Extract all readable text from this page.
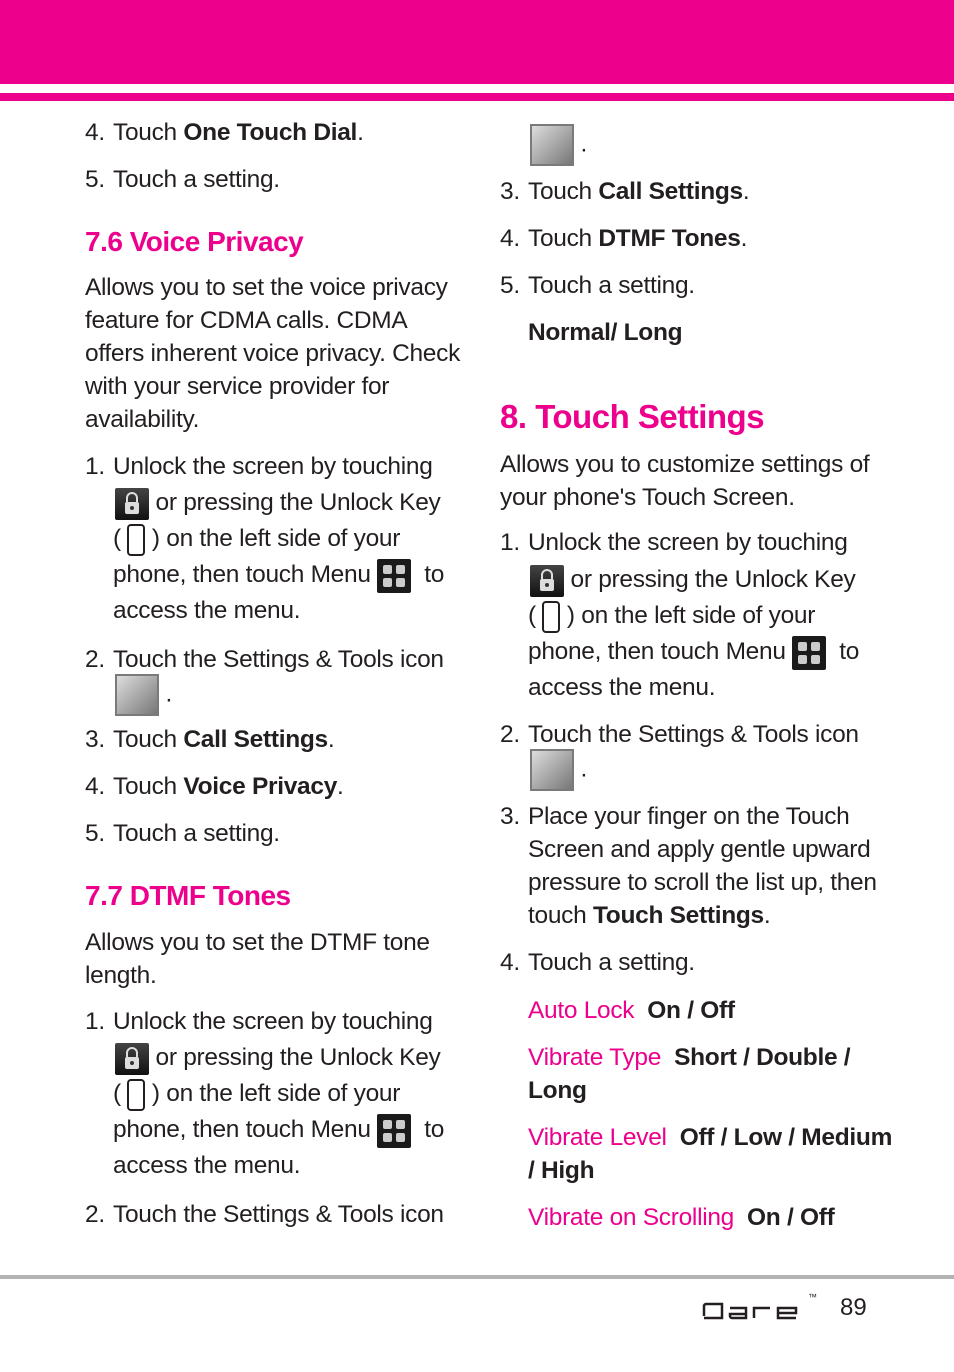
4. Touch One Touch Dial.
5. Touch a setting.
7.6 Voice Privacy
Allows you to set the voice privacy
feature for CDMA calls. CDMA
offers inherent voice privacy. Check
with your service provider for
availability.
1. Unlock the screen by touching
or pressing the Unlock Key
( ) on the left side of your
phone, then touch Menu to
access the menu.
2. Touch the Settings & Tools icon
.
3. Touch Call Settings.
4. Touch Voice Privacy.
5. Touch a setting.
7.7 DTMF Tones
Allows you to set the DTMF tone
length.
1. Unlock the screen by touching
or pressing the Unlock Key
( ) on the left side of your
phone, then touch Menu to
access the menu.
2. Touch the Settings & Tools icon
.
3. Touch Call Settings.
4. Touch DTMF Tones.
5. Touch a setting.
Normal/ Long
8. Touch Settings
Allows you to customize settings of
your phone's Touch Screen.
1. Unlock the screen by touching
or pressing the Unlock Key
( ) on the left side of your
phone, then touch Menu to
access the menu.
2. Touch the Settings & Tools icon
.
3. Place your finger on the Touch
Screen and apply gentle upward
pressure to scroll the list up, then
touch Touch Settings.
4. Touch a setting.
Auto Lock On / Off
Vibrate Type Short / Double /
Long
Vibrate Level Off / Low / Medium
/ High
Vibrate on Scrolling On / Off
™ 89
